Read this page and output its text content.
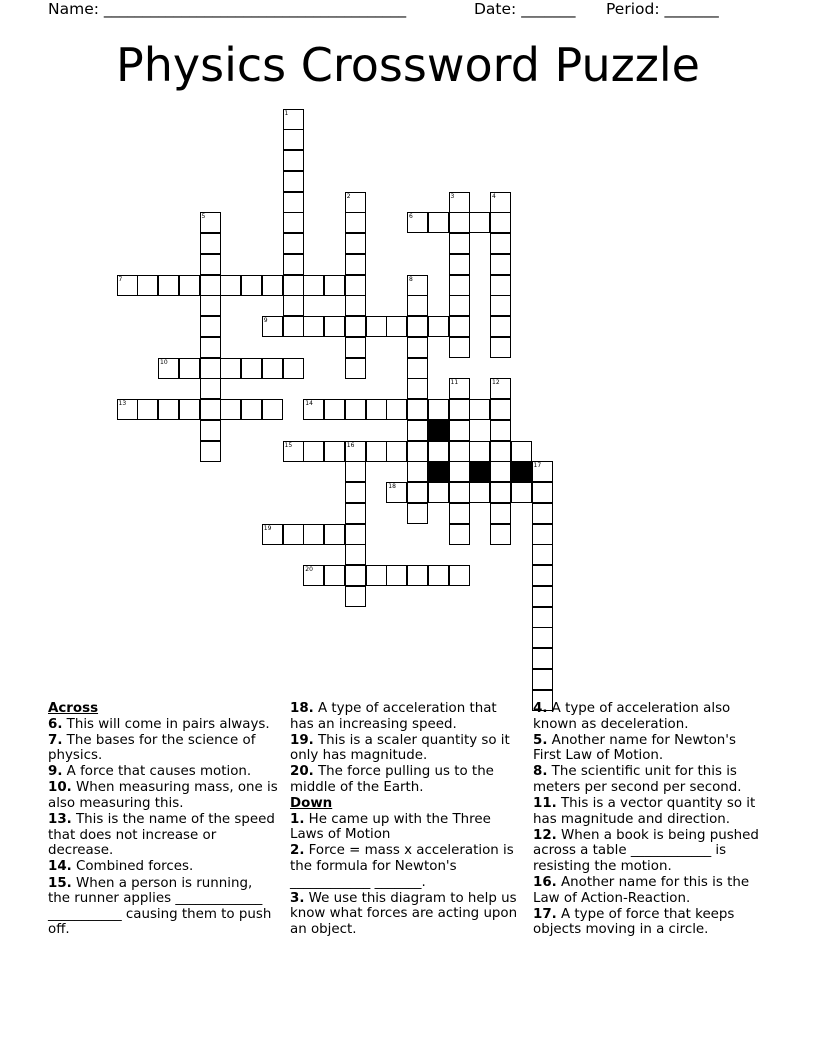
Name: _______________________________________	Date: _______ Period: _______
Physics Crossword Puzzle
1
2	3	4
5	6
7	8
9
10
11	12
13	14
15	16
17
18
19
20
Across
6. This will come in pairs always.
7. The bases for the science of physics.
9. A force that causes motion.
10. When measuring mass, one is also measuring this.
13. This is the name of the speed that does not increase or decrease.
14. Combined forces.
15. When a person is running, the runner applies _____________ ___________ causing them to push off.
18. A type of acceleration that has an increasing speed.
19. This is a scaler quantity so it only has magnitude.
20. The force pulling us to the middle of the Earth.
Down
1. He came up with the Three Laws of Motion
2. Force = mass x acceleration is the formula for Newton's ____________ _______.
3. We use this diagram to help us know what forces are acting upon an object.
4. A type of acceleration also known as deceleration.
5. Another name for Newton's First Law of Motion.
8. The scientific unit for this is meters per second per second.
11. This is a vector quantity so it has magnitude and direction.
12. When a book is being pushed across a table ____________ is resisting the motion.
16. Another name for this is the Law of Action-Reaction.
17. A type of force that keeps objects moving in a circle.
